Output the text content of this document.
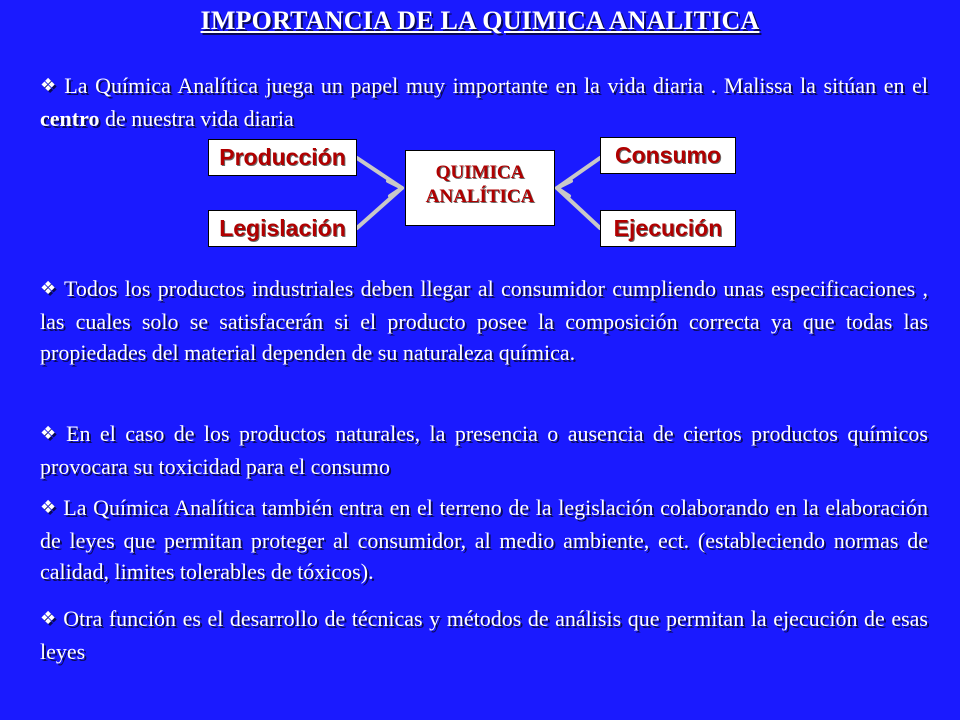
IMPORTANCIA DE LA QUIMICA ANALITICA
❖ La Química Analítica juega un papel muy importante en la vida diaria . Malissa la sitúan en el centro de nuestra vida diaria
Producción
Legislación
Consumo
Ejecución
QUIMICA
ANALÍTICA
❖ Todos los productos industriales deben llegar al consumidor cumpliendo unas especificaciones , las cuales solo se satisfacerán si el producto posee la composición correcta ya que todas las propiedades del material dependen de su naturaleza química.
❖ En el caso de los productos naturales, la presencia o ausencia de ciertos productos químicos provocara su toxicidad para el consumo
❖ La Química Analítica también entra en el terreno de la legislación colaborando en la elaboración de leyes que permitan proteger al consumidor, al medio ambiente, ect. (estableciendo normas de calidad, limites tolerables de tóxicos).
❖ Otra función es el desarrollo de técnicas y métodos de análisis que permitan la ejecución de esas leyes
